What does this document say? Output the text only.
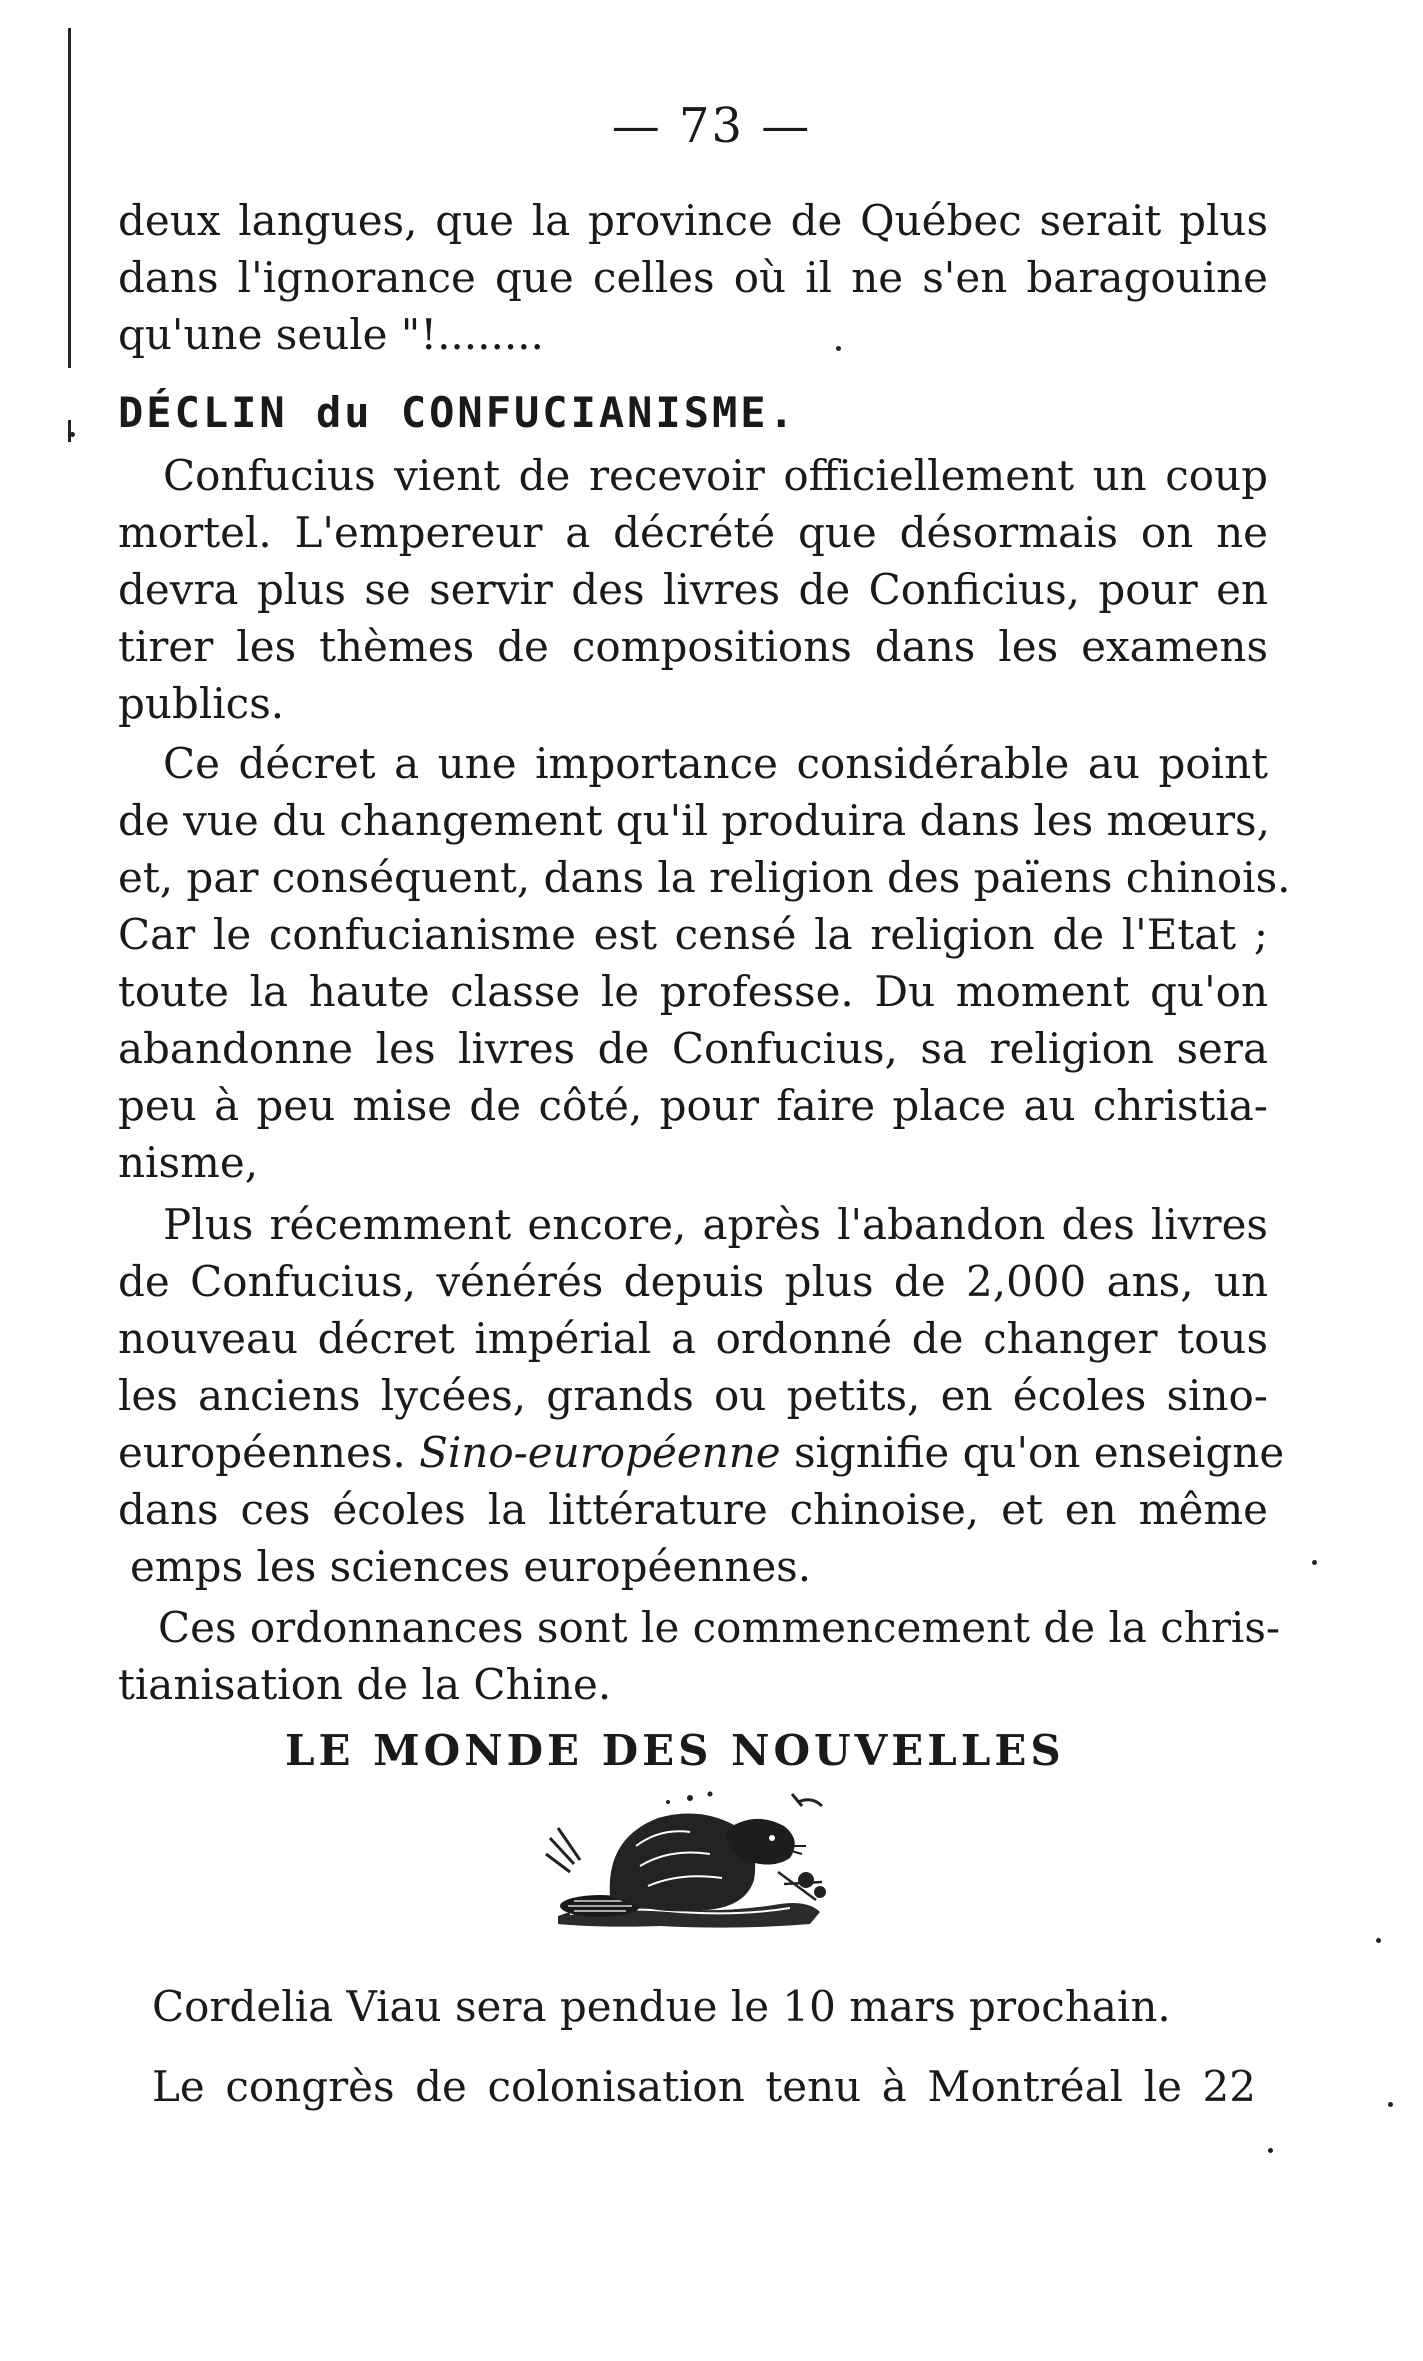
— 73 —
deux langues, que la province de Québec serait plus
dans l'ignorance que celles où il ne s'en baragouine
qu'une seule "!........
DÉCLIN du CONFUCIANISME.
Confucius vient de recevoir officiellement un coup
mortel. L'empereur a décrété que désormais on ne
devra plus se servir des livres de Conficius, pour en
tirer les thèmes de compositions dans les examens
publics.
Ce décret a une importance considérable au point
de vue du changement qu'il produira dans les mœurs,
et, par conséquent, dans la religion des païens chinois.
Car le confucianisme est censé la religion de l'Etat ;
toute la haute classe le professe. Du moment qu'on
abandonne les livres de Confucius, sa religion sera
peu à peu mise de côté, pour faire place au christia-
nisme,
Plus récemment encore, après l'abandon des livres
de Confucius, vénérés depuis plus de 2,000 ans, un
nouveau décret impérial a ordonné de changer tous
les anciens lycées, grands ou petits, en écoles sino-
européennes. Sino-européenne signifie qu'on enseigne
dans ces écoles la littérature chinoise, et en même
emps les sciences européennes.
Ces ordonnances sont le commencement de la chris-
tianisation de la Chine.
LE MONDE DES NOUVELLES
Cordelia Viau sera pendue le 10 mars prochain.
Le congrès de colonisation tenu à Montréal le 22
